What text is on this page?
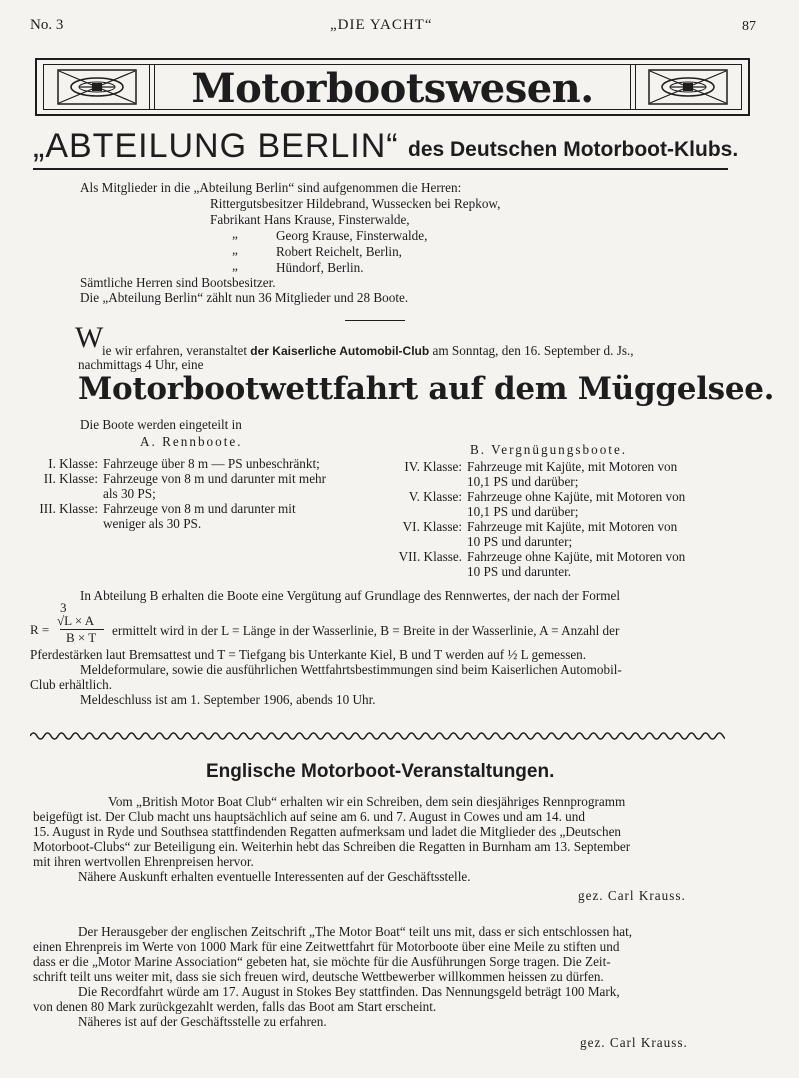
No. 3	„DIE YACHT“	87
Motorbootswesen.
„ABTEILUNG BERLIN“ des Deutschen Motorboot-Klubs.
Als Mitglieder in die „Abteilung Berlin“ sind aufgenommen die Herren:
Rittergutsbesitzer Hildebrand, Wussecken bei Repkow,
Fabrikant Hans Krause, Finsterwalde,
„	Georg Krause, Finsterwalde,
„	Robert Reichelt, Berlin,
„	Hündorf, Berlin.
Sämtliche Herren sind Bootsbesitzer.
Die „Abteilung Berlin“ zählt nun 36 Mitglieder und 28 Boote.
W
ie wir erfahren, veranstaltet der Kaiserliche Automobil-Club am Sonntag, den 16. September d. Js.,
nachmittags 4 Uhr, eine
Motorbootwettfahrt auf dem Müggelsee.
Die Boote werden eingeteilt in
A. Rennboote.
I. Klasse: Fahrzeuge über 8 m — PS unbeschränkt;
II. Klasse: Fahrzeuge von 8 m und darunter mit mehr
als 30 PS;
III. Klasse: Fahrzeuge von 8 m und darunter mit
weniger als 30 PS.
B. Vergnügungsboote.
IV. Klasse: Fahrzeuge mit Kajüte, mit Motoren von
10,1 PS und darüber;
V. Klasse: Fahrzeuge ohne Kajüte, mit Motoren von
10,1 PS und darüber;
VI. Klasse: Fahrzeuge mit Kajüte, mit Motoren von
10 PS und darunter;
VII. Klasse. Fahrzeuge ohne Kajüte, mit Motoren von
10 PS und darunter.
In Abteilung B erhalten die Boote eine Vergütung auf Grundlage des Rennwertes, der nach der Formel
3
R =
√L × A
B × T ermittelt wird in der L = Länge in der Wasserlinie, B = Breite in der Wasserlinie, A = Anzahl der
Pferdestärken laut Bremsattest und T = Tiefgang bis Unterkante Kiel, B und T werden auf ½ L gemessen.
Meldeformulare, sowie die ausführlichen Wettfahrtsbestimmungen sind beim Kaiserlichen Automobil-
Club erhältlich.
Meldeschluss ist am 1. September 1906, abends 10 Uhr.
Englische Motorboot-Veranstaltungen.
Vom „British Motor Boat Club“ erhalten wir ein Schreiben, dem sein diesjähriges Rennprogramm
beigefügt ist. Der Club macht uns hauptsächlich auf seine am 6. und 7. August in Cowes und am 14. und
15. August in Ryde und Southsea stattfindenden Regatten aufmerksam und ladet die Mitglieder des „Deutschen
Motorboot-Clubs“ zur Beteiligung ein. Weiterhin hebt das Schreiben die Regatten in Burnham am 13. September
mit ihren wertvollen Ehrenpreisen hervor.
Nähere Auskunft erhalten eventuelle Interessenten auf der Geschäftsstelle.
gez. Carl Krauss.
Der Herausgeber der englischen Zeitschrift „The Motor Boat“ teilt uns mit, dass er sich entschlossen hat,
einen Ehrenpreis im Werte von 1000 Mark für eine Zeitwettfahrt für Motorboote über eine Meile zu stiften und
dass er die „Motor Marine Association“ gebeten hat, sie möchte für die Ausführungen Sorge tragen. Die Zeit-
schrift teilt uns weiter mit, dass sie sich freuen wird, deutsche Wettbewerber willkommen heissen zu dürfen.
Die Recordfahrt würde am 17. August in Stokes Bey stattfinden. Das Nennungsgeld beträgt 100 Mark,
von denen 80 Mark zurückgezahlt werden, falls das Boot am Start erscheint.
Näheres ist auf der Geschäftsstelle zu erfahren.
gez. Carl Krauss.
